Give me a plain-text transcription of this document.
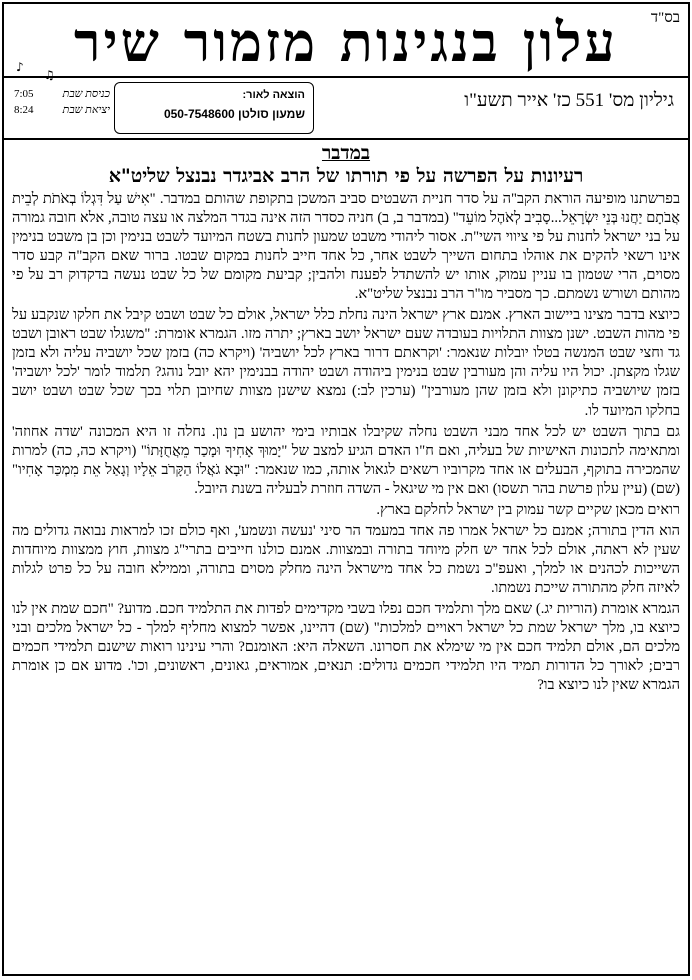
בס"ד
עלון בנגינות מזמור שיר
♪
♫
גיליון מס' 551 כז' אייר תשע"ו
הוצאה לאור:
שמעון סולטן 050-7548600
כניסת שבת
7:05
יציאת שבת
8:24
במדבר
רעיונות על הפרשה על פי תורתו של הרב אביגדר נבנצל שליט"א

בפרשתנו מופיעה הוראת הקב"ה על סדר חניית השבטים סביב המשכן בתקופת שהותם במדבר. "אִישׁ עַל דִּגְלוֹ בְאֹתֹת לְבֵית אֲבֹתָם יַחֲנוּ בְּנֵי יִשְׂרָאֵל...סָבִיב לְאֹהֶל מוֹעֵד" (במדבר ב, ב) חניה כסדר הזה אינה בגדר המלצה או עצה טובה, אלא חובה גמורה על בני ישראל לחנות על פי ציווי השי"ת. אסור ליהודי משבט שמעון לחנות בשטח המיועד לשבט בנימין וכן בן משבט בנימין אינו רשאי להקים את אוהלו בתחום השייך לשבט אחר, כל אחד חייב לחנות במקום שבטו. ברור שאם הקב"ה קבע סדר מסוים, הרי שטמון בו עניין עמוק, אותו יש להשתדל לפענח ולהבין; קביעת מקומם של כל שבט נעשה בדקדוק רב על פי מהותם ושורש נשמתם. כך מסביר מו"ר הרב נבנצל שליט"א.

כיוצא בדבר מצינו ביישוב הארץ. אמנם ארץ ישראל הינה נחלת כלל ישראל, אולם כל שבט ושבט קיבל את חלקו שנקבע על פי מהות השבט. ישנן מצוות התלויות בעובדה שעם ישראל יושב בארץ; יתרה מזו. הגמרא אומרת: "משגלו שבט ראובן ושבט גד וחצי שבט המנשה בטלו יובלות שנאמר: 'וקראתם דרור בארץ לכל יושביה' (ויקרא כה) בזמן שכל יושביה עליה ולא בזמן שגלו מקצתן. יכול היו עליה והן מעורבין שבט בנימין ביהודה ושבט יהודה בבנימין יהא יובל נוהג? תלמוד לומר 'לכל יושביה' בזמן שיושביה כתיקונן ולא בזמן שהן מעורבין" (ערכין לב:) נמצא שישנן מצוות שחיובן תלוי בכך שכל שבט ושבט יושב בחלקו המיועד לו.

גם בתוך השבט יש לכל אחד מבני השבט נחלה שקיבלו אבותיו בימי יהושע בן נון. נחלה זו היא המכונה 'שדה אחוזה' ומתאימה לתכונות האישיות של בעליה, ואם ח"ו האדם הגיע למצב של "יָמוּךְ אָחִיךָ וּמָכַר מֵאֲחֻזָּתוֹ" (ויקרא כה, כה) למרות שהמכירה בתוקף, הבעלים או אחד מקרוביו רשאים לגאול אותה, כמו שנאמר: "וּבָא גֹאֲלוֹ הַקָּרֹב אֵלָיו וְגָאַל אֵת מִמְכַּר אָחִיו" (שם) (עיין עלון פרשת בהר תשסו) ואם אין מי שיגאל - השדה חוזרת לבעליה בשנת היובל.

רואים מכאן שקיים קשר עמוק בין ישראל לחלקם בארץ.

הוא הדין בתורה; אמנם כל ישראל אמרו פה אחד במעמד הר סיני 'נעשה ונשמע', ואף כולם זכו למראות נבואה גדולים מה שעין לא ראתה, אולם לכל אחד יש חלק מיוחד בתורה ובמצוות. אמנם כולנו חייבים בתרי"ג מצוות, חוץ ממצוות מיוחדות השייכות לכהנים או למלך, ואעפ"כ נשמת כל אחד מישראל הינה מחלק מסוים בתורה, וממילא חובה על כל פרט לגלות לאיזה חלק מהתורה שייכת נשמתו.

הגמרא אומרת (הוריות יג.) שאם מלך ותלמיד חכם נפלו בשבי מקדימים לפדות את התלמיד חכם. מדוע? "חכם שמת אין לנו כיוצא בו, מלך ישראל שמת כל ישראל ראויים למלכות" (שם) דהיינו, אפשר למצוא מחליף למלך - כל ישראל מלכים ובני מלכים הם, אולם תלמיד חכם אין מי שימלא את חסרונו. השאלה היא: האומנם? והרי עינינו רואות שישנם תלמידי חכמים רבים; לאורך כל הדורות תמיד היו תלמידי חכמים גדולים: תנאים, אמוראים, גאונים, ראשונים, וכו'. מדוע אם כן אומרת הגמרא שאין לנו כיוצא בו?
